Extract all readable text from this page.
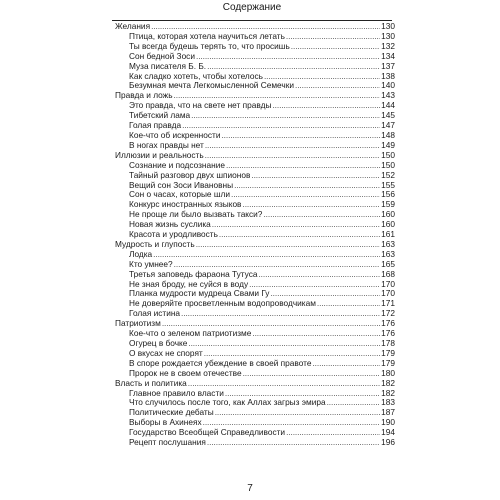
Содержание
Желания . . .	130
Птица, которая хотела научиться летать . . .	130
Ты всегда будешь терять то, что просишь . . .	132
Сон бедной Зоси . . .	134
Муза писателя Б. Б. . . .	137
Как сладко хотеть, чтобы хотелось . . .	138
Безумная мечта Легкомысленной Семечки . . .	140
Правда и ложь . . .	143
Это правда, что на свете нет правды . . .	144
Тибетский лама . . .	145
Голая правда . . .	147
Кое-что об искренности . . .	148
В ногах правды нет . . .	149
Иллюзии и реальность . . .	150
Сознание и подсознание . . .	150
Тайный разговор двух шпионов . . .	152
Вещий сон Зоси Ивановны . . .	155
Сон о часах, которые шли . . .	156
Конкурс иностранных языков . . .	159
Не проще ли было вызвать такси? . . .	160
Новая жизнь суслика . . .	160
Красота и уродливость . . .	161
Мудрость и глупость . . .	163
Лодка . . .	163
Кто умнее? . . .	165
Третья заповедь фараона Тутуса . . .	168
Не зная броду, не суйся в воду . . .	170
Планка мудрости мудреца Свами Гу . . .	170
Не доверяйте просветленным водопроводчикам . . .	171
Голая истина . . .	172
Патриотизм . . .	176
Кое-что о зеленом патриотизме . . .	176
Огурец в бочке . . .	178
О вкусах не спорят . . .	179
В споре рождается убеждение в своей правоте . . .	179
Пророк не в своем отечестве . . .	180
Власть и политика . . .	182
Главное правило власти . . .	182
Что случилось после того, как Аллах загрыз эмира . . .	183
Политические дебаты . . .	187
Выборы в Ахинеях . . .	190
Государство Всеобщей Справедливости . . .	194
Рецепт послушания . . .	196
7
